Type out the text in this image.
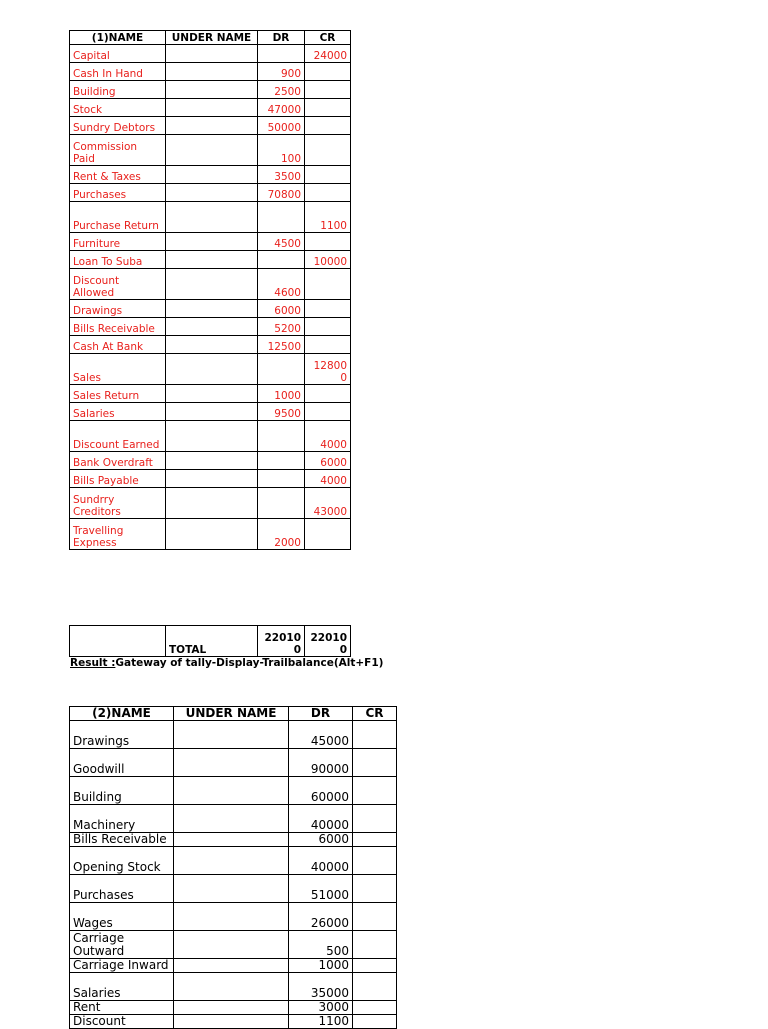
(1)NAME	UNDER NAME	DR	CR
Capital			24000
Cash In Hand		900	
Building		2500	
Stock		47000	
Sundry Debtors		50000	
Commission Paid		100	
Rent & Taxes		3500	
Purchases		70800	
Purchase Return			1100
Furniture		4500	
Loan To Suba			10000
Discount Allowed		4600	
Drawings		6000	
Bills Receivable		5200	
Cash At Bank		12500	
Sales			128000
Sales Return		1000	
Salaries		9500	
Discount Earned			4000
Bank Overdraft			6000
Bills Payable			4000
Sundrry Creditors			43000
Travelling Expness		2000	
	TOTAL	220100	220100
Result :Gateway of tally-Display-Trailbalance(Alt+F1)
(2)NAME	UNDER NAME	DR	CR
Drawings		45000	
Goodwill		90000	
Building		60000	
Machinery		40000	
Bills Receivable		6000	
Opening Stock		40000	
Purchases		51000	
Wages		26000	
Carriage Outward		500	
Carriage Inward		1000	
Salaries		35000	
Rent		3000	
Discount		1100	
